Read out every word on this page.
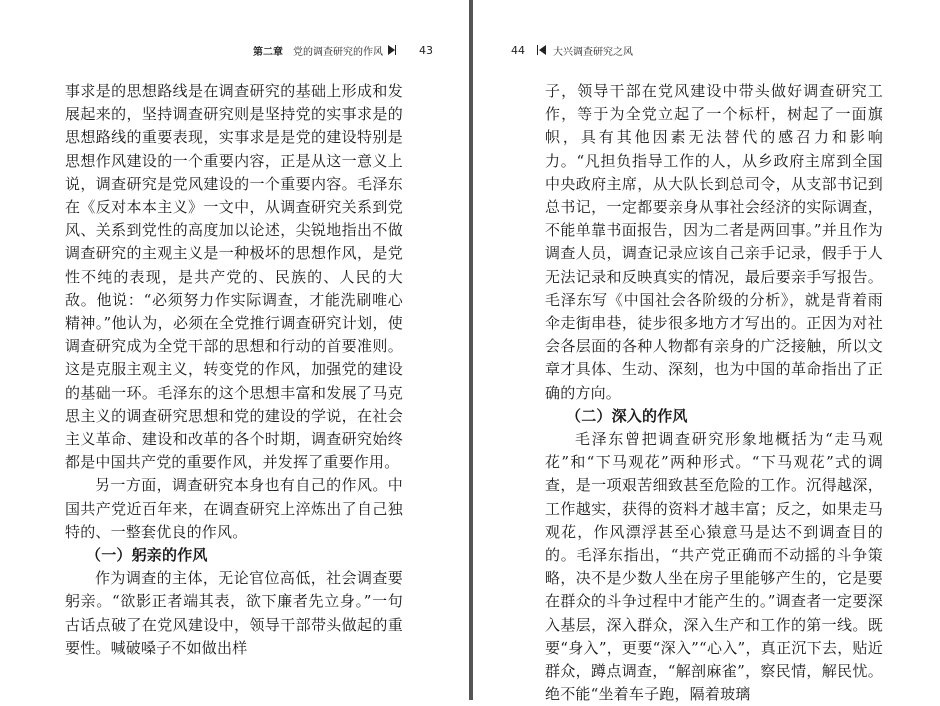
第二章 党的调查研究的作风	43

事求是的思想路线是在调查研究的基础上形成和发展起来的，坚持调查研究则是坚持党的实事求是的思想路线的重要表现，实事求是是党的建设特别是思想作风建设的一个重要内容，正是从这一意义上说，调查研究是党风建设的一个重要内容。毛泽东在《反对本本主义》一文中，从调查研究关系到党风、关系到党性的高度加以论述，尖锐地指出不做调查研究的主观主义是一种极坏的思想作风，是党性不纯的表现，是共产党的、民族的、人民的大敌。他说：“必须努力作实际调查，才能洗刷唯心精神。”他认为，必须在全党推行调查研究计划，使调查研究成为全党干部的思想和行动的首要准则。这是克服主观主义，转变党的作风，加强党的建设的基础一环。毛泽东的这个思想丰富和发展了马克思主义的调查研究思想和党的建设的学说，在社会主义革命、建设和改革的各个时期，调查研究始终都是中国共产党的重要作风，并发挥了重要作用。

另一方面，调查研究本身也有自己的作风。中国共产党近百年来，在调查研究上淬炼出了自己独特的、一整套优良的作风。

（一）躬亲的作风

作为调查的主体，无论官位高低，社会调查要躬亲。“欲影正者端其表，欲下廉者先立身。”一句古话点破了在党风建设中，领导干部带头做起的重要性。喊破嗓子不如做出样

44	大兴调查研究之风

子，领导干部在党风建设中带头做好调查研究工作，等于为全党立起了一个标杆，树起了一面旗帜，具有其他因素无法替代的感召力和影响力。“凡担负指导工作的人，从乡政府主席到全国中央政府主席，从大队长到总司令，从支部书记到总书记，一定都要亲身从事社会经济的实际调查，不能单靠书面报告，因为二者是两回事。”并且作为调查人员，调查记录应该自己亲手记录，假手于人无法记录和反映真实的情况，最后要亲手写报告。毛泽东写《中国社会各阶级的分析》，就是背着雨伞走街串巷，徒步很多地方才写出的。正因为对社会各层面的各种人物都有亲身的广泛接触，所以文章才具体、生动、深刻，也为中国的革命指出了正确的方向。

（二）深入的作风

毛泽东曾把调查研究形象地概括为“走马观花”和“下马观花”两种形式。“下马观花”式的调查，是一项艰苦细致甚至危险的工作。沉得越深，工作越实，获得的资料才越丰富；反之，如果走马观花，作风漂浮甚至心猿意马是达不到调查目的的。毛泽东指出，“共产党正确而不动摇的斗争策略，决不是少数人坐在房子里能够产生的，它是要在群众的斗争过程中才能产生的。”调查者一定要深入基层，深入群众，深入生产和工作的第一线。既要“身入”，更要“深入”“心入”，真正沉下去，贴近群众，蹲点调查，“解剖麻雀”，察民情，解民忧。绝不能“坐着车子跑，隔着玻璃
